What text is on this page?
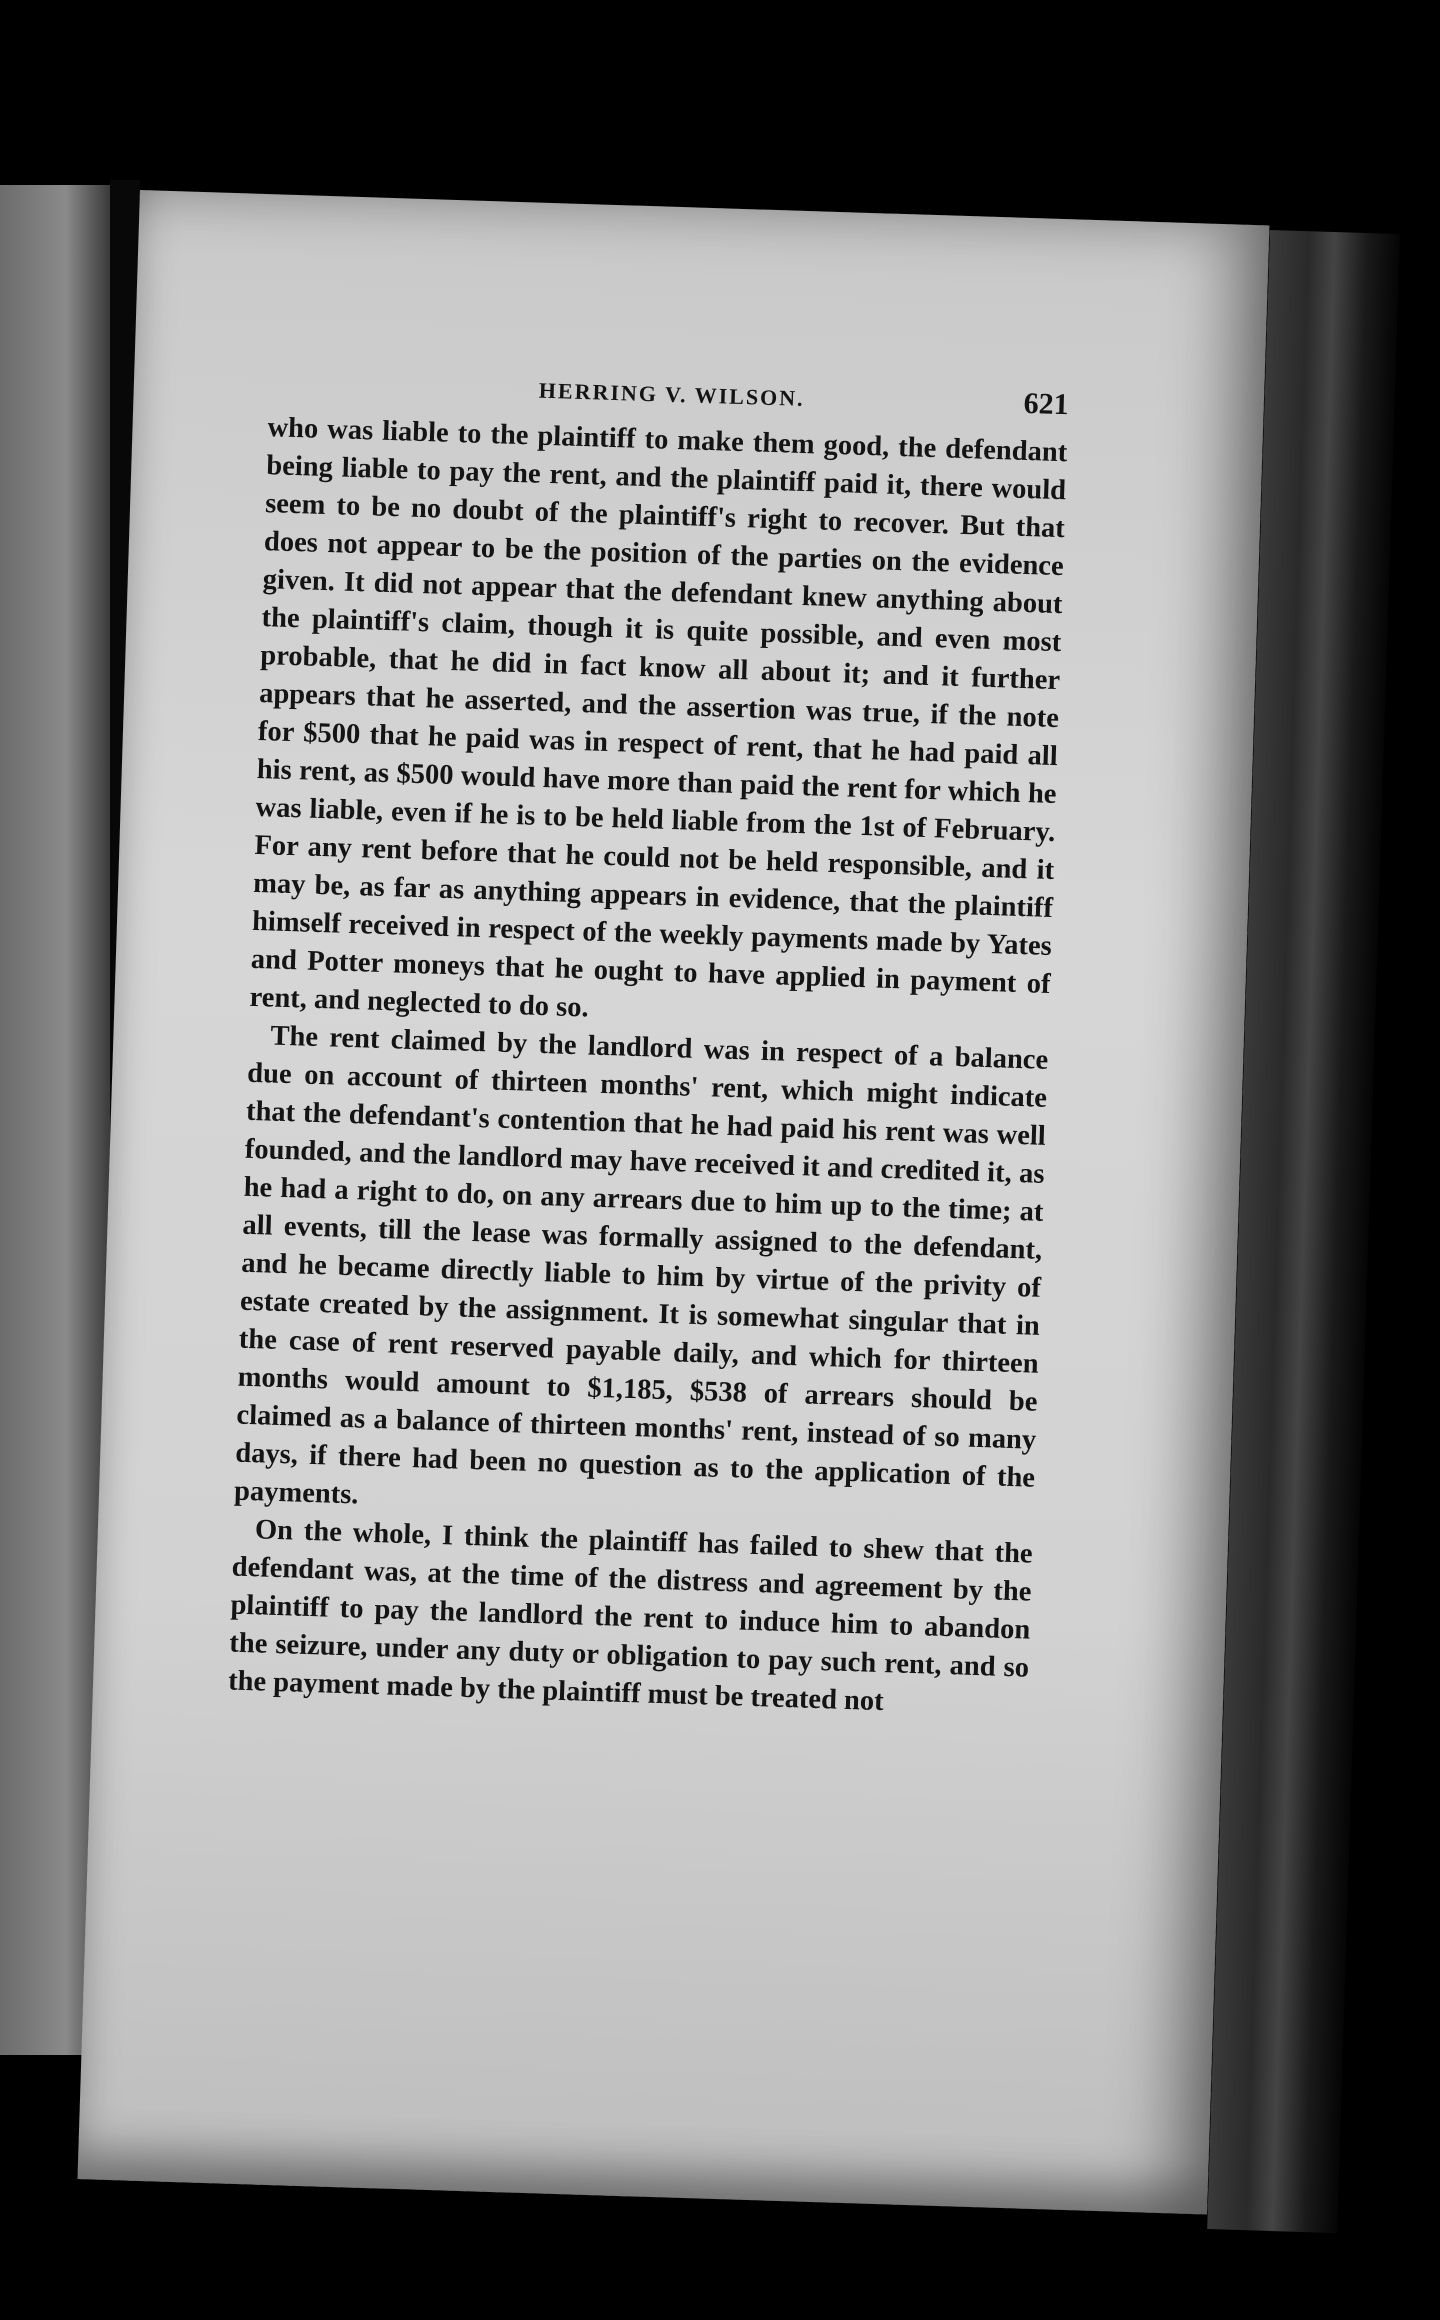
HERRING V. WILSON.	621

who was liable to the plaintiff to make them good, the defendant being liable to pay the rent, and the plaintiff paid it, there would seem to be no doubt of the plaintiff's right to recover. But that does not appear to be the position of the parties on the evidence given. It did not appear that the defendant knew anything about the plaintiff's claim, though it is quite possible, and even most probable, that he did in fact know all about it; and it further appears that he asserted, and the assertion was true, if the note for $500 that he paid was in respect of rent, that he had paid all his rent, as $500 would have more than paid the rent for which he was liable, even if he is to be held liable from the 1st of February. For any rent before that he could not be held responsible, and it may be, as far as anything appears in evidence, that the plaintiff himself received in respect of the weekly payments made by Yates and Potter moneys that he ought to have applied in payment of rent, and neglected to do so.

The rent claimed by the landlord was in respect of a balance due on account of thirteen months' rent, which might indicate that the defendant's contention that he had paid his rent was well founded, and the landlord may have received it and credited it, as he had a right to do, on any arrears due to him up to the time; at all events, till the lease was formally assigned to the defendant, and he became directly liable to him by virtue of the privity of estate created by the assignment. It is somewhat singular that in the case of rent reserved payable daily, and which for thirteen months would amount to $1,185, $538 of arrears should be claimed as a balance of thirteen months' rent, instead of so many days, if there had been no question as to the application of the payments.

On the whole, I think the plaintiff has failed to shew that the defendant was, at the time of the distress and agreement by the plaintiff to pay the landlord the rent to induce him to abandon the seizure, under any duty or obligation to pay such rent, and so the payment made by the plaintiff must be treated not
